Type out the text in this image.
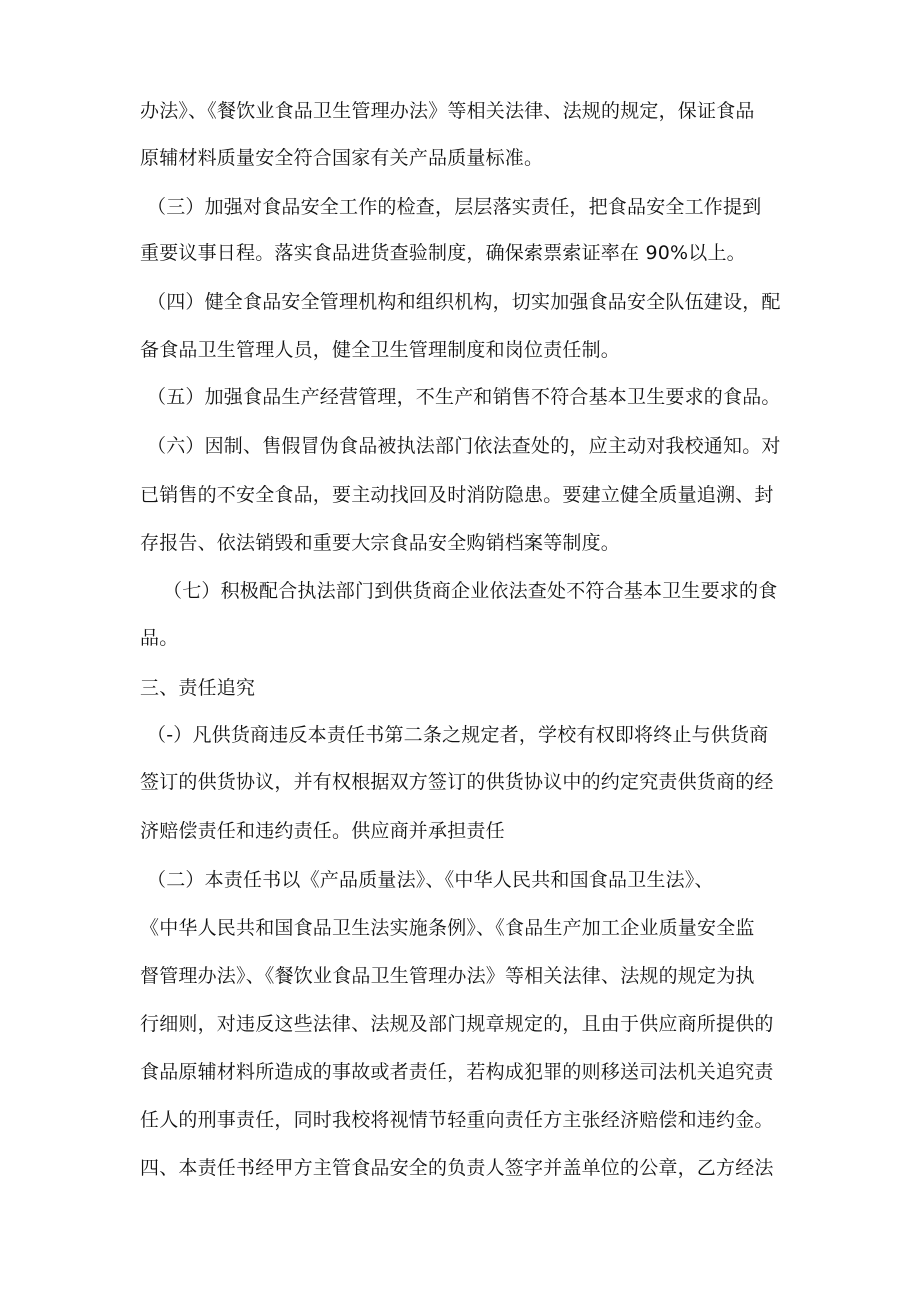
办法》、《餐饮业食品卫生管理办法》等相关法律、法规的规定，保证食品
原辅材料质量安全符合国家有关产品质量标准。
（三）加强对食品安全工作的检查，层层落实责任，把食品安全工作提到
重要议事日程。落实食品进货查验制度，确保索票索证率在 90%以上。
（四）健全食品安全管理机构和组织机构，切实加强食品安全队伍建设，配
备食品卫生管理人员，健全卫生管理制度和岗位责任制。
（五）加强食品生产经营管理，不生产和销售不符合基本卫生要求的食品。
（六）因制、售假冒伪食品被执法部门依法查处的，应主动对我校通知。对
已销售的不安全食品，要主动找回及时消防隐患。要建立健全质量追溯、封
存报告、依法销毁和重要大宗食品安全购销档案等制度。
（七）积极配合执法部门到供货商企业依法查处不符合基本卫生要求的食
品。
三、责任追究
（-）凡供货商违反本责任书第二条之规定者，学校有权即将终止与供货商
签订的供货协议，并有权根据双方签订的供货协议中的约定究责供货商的经
济赔偿责任和违约责任。供应商并承担责任
（二）本责任书以《产品质量法》、《中华人民共和国食品卫生法》、
《中华人民共和国食品卫生法实施条例》、《食品生产加工企业质量安全监
督管理办法》、《餐饮业食品卫生管理办法》等相关法律、法规的规定为执
行细则，对违反这些法律、法规及部门规章规定的，且由于供应商所提供的
食品原辅材料所造成的事故或者责任，若构成犯罪的则移送司法机关追究责
任人的刑事责任，同时我校将视情节轻重向责任方主张经济赔偿和违约金。
四、本责任书经甲方主管食品安全的负责人签字并盖单位的公章，乙方经法
